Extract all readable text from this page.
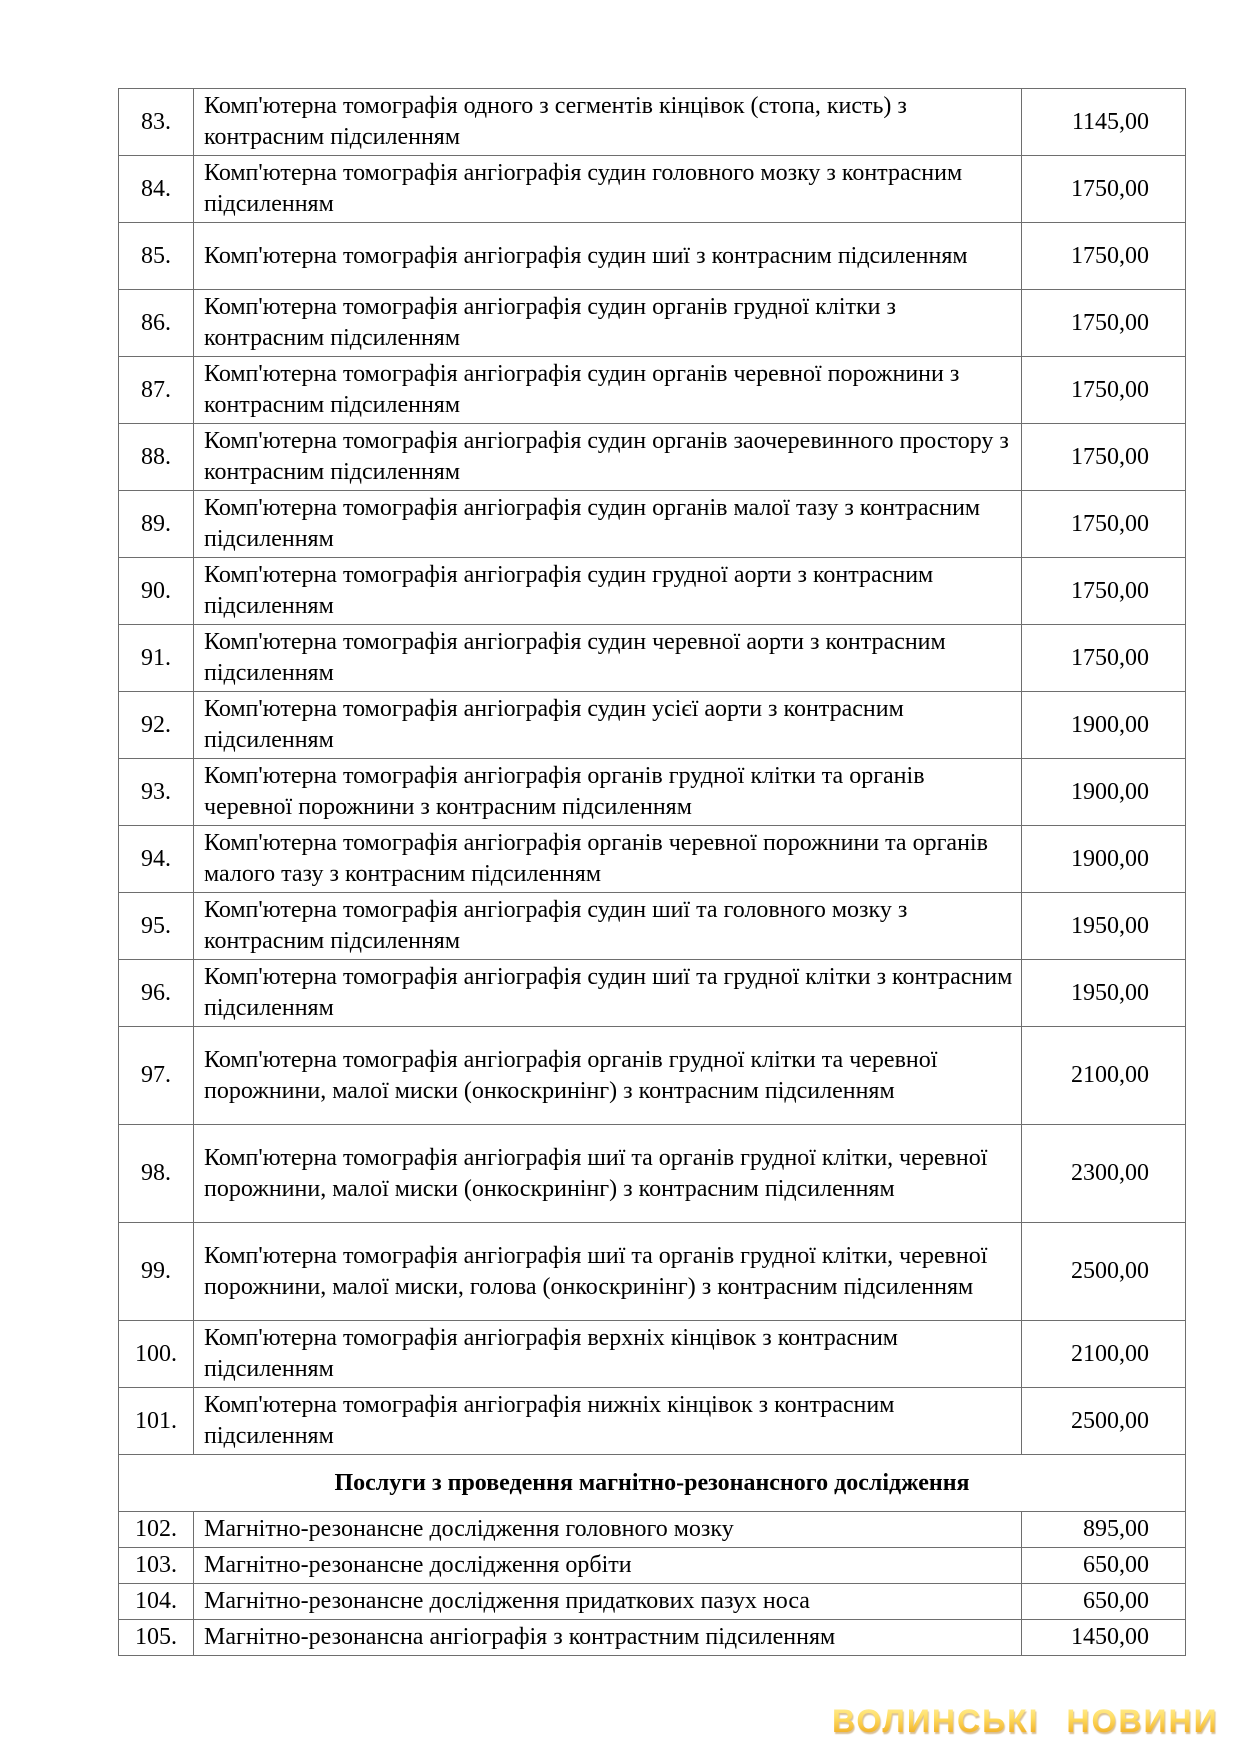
83.	Комп'ютерна томографія одного з сегментів кінцівок (стопа, кисть) з контрасним підсиленням	1145,00
84.	Комп'ютерна томографія ангіографія судин головного мозку з контрасним підсиленням	1750,00
85.	Комп'ютерна томографія ангіографія судин шиї з контрасним підсиленням	1750,00
86.	Комп'ютерна томографія ангіографія судин органів грудної клітки з контрасним підсиленням	1750,00
87.	Комп'ютерна томографія ангіографія судин органів черевної порожнини з контрасним підсиленням	1750,00
88.	Комп'ютерна томографія ангіографія судин органів заочеревинного простору з контрасним підсиленням	1750,00
89.	Комп'ютерна томографія ангіографія судин органів малої тазу з контрасним підсиленням	1750,00
90.	Комп'ютерна томографія ангіографія судин грудної аорти з контрасним підсиленням	1750,00
91.	Комп'ютерна томографія ангіографія судин черевної аорти з контрасним підсиленням	1750,00
92.	Комп'ютерна томографія ангіографія судин усієї аорти з контрасним підсиленням	1900,00
93.	Комп'ютерна томографія ангіографія органів грудної клітки та органів черевної порожнини з контрасним підсиленням	1900,00
94.	Комп'ютерна томографія ангіографія органів черевної порожнини та органів малого тазу з контрасним підсиленням	1900,00
95.	Комп'ютерна томографія ангіографія судин шиї та головного мозку з контрасним підсиленням	1950,00
96.	Комп'ютерна томографія ангіографія судин шиї та грудної клітки з контрасним підсиленням	1950,00
97.	Комп'ютерна томографія ангіографія органів грудної клітки та черевної порожнини, малої миски (онкоскринінг) з контрасним підсиленням	2100,00
98.	Комп'ютерна томографія ангіографія шиї та органів грудної клітки, черевної порожнини, малої миски (онкоскринінг) з контрасним підсиленням	2300,00
99.	Комп'ютерна томографія ангіографія шиї та органів грудної клітки, черевної порожнини, малої миски, голова (онкоскринінг) з контрасним підсиленням	2500,00
100.	Комп'ютерна томографія ангіографія верхніх кінцівок з контрасним підсиленням	2100,00
101.	Комп'ютерна томографія ангіографія нижніх кінцівок з контрасним підсиленням	2500,00
Послуги з проведення магнітно-резонансного дослідження		
102.	Магнітно-резонансне дослідження головного мозку	895,00
103.	Магнітно-резонансне дослідження орбіти	650,00
104.	Магнітно-резонансне дослідження придаткових пазух носа	650,00
105.	Магнітно-резонансна ангіографія з контрастним підсиленням	1450,00
ВОЛИНСЬКІ НОВИНИ
